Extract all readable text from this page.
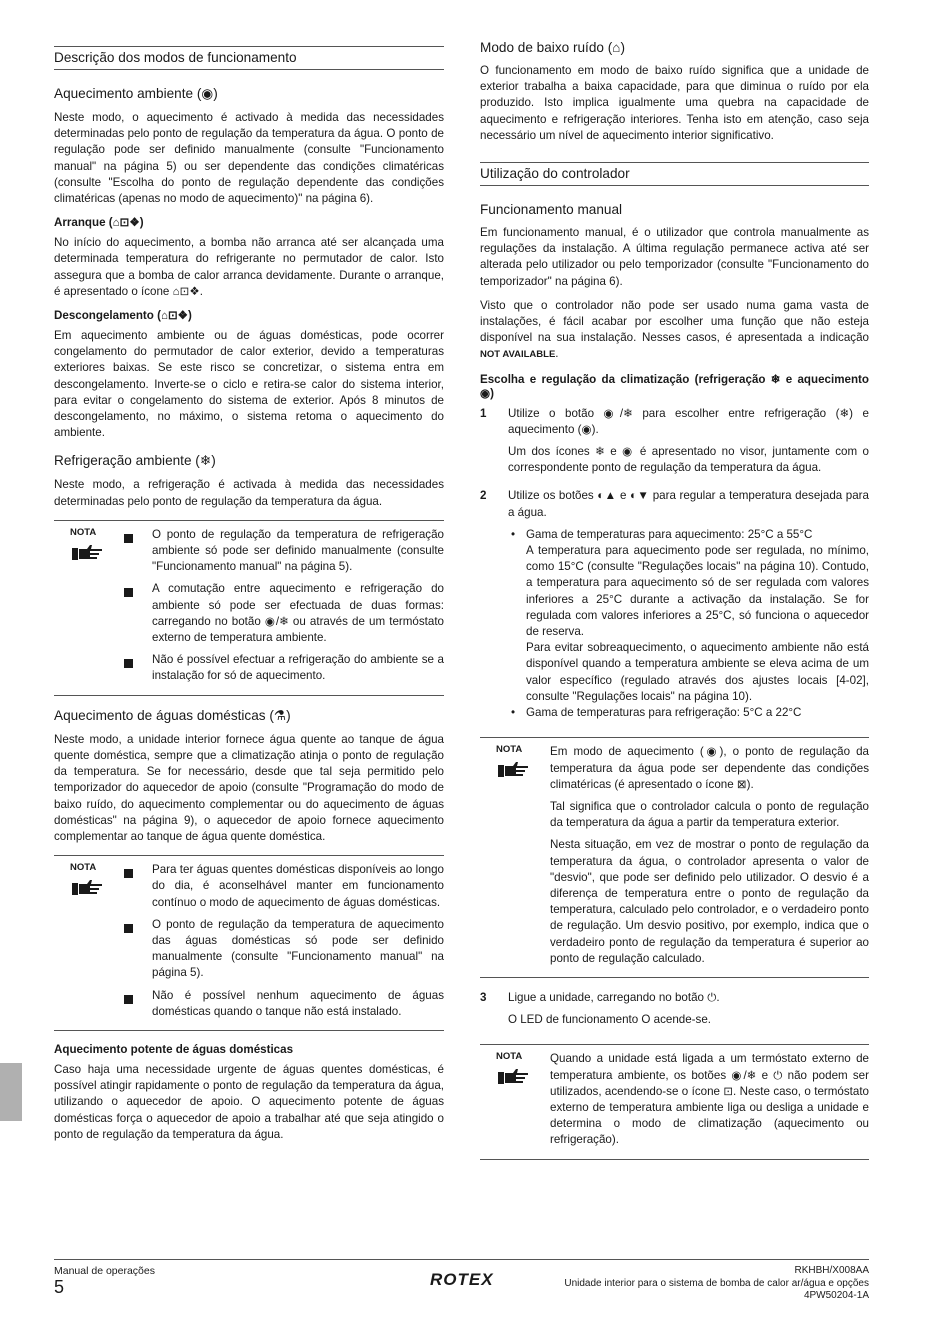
Descrição dos modos de funcionamento
Aquecimento ambiente (◉)

Neste modo, o aquecimento é activado à medida das necessidades determinadas pelo ponto de regulação da temperatura da água. O ponto de regulação pode ser definido manualmente (consulte "Funcionamento manual" na página 5) ou ser dependente das condições climatéricas (consulte "Escolha do ponto de regulação dependente das condições climatéricas (apenas no modo de aquecimento)" na página 6).

Arranque (⌂⊡❖)

No início do aquecimento, a bomba não arranca até ser alcançada uma determinada temperatura do refrigerante no permutador de calor. Isto assegura que a bomba de calor arranca devidamente. Durante o arranque, é apresentado o ícone ⌂⊡❖.

Descongelamento (⌂⊡❖)

Em aquecimento ambiente ou de águas domésticas, pode ocorrer congelamento do permutador de calor exterior, devido a temperaturas exteriores baixas. Se este risco se concretizar, o sistema entra em descongelamento. Inverte-se o ciclo e retira-se calor do sistema interior, para evitar o congelamento do sistema de exterior. Após 8 minutos de descongelamento, no máximo, o sistema retoma o aquecimento do ambiente.

Refrigeração ambiente (❄)

Neste modo, a refrigeração é activada à medida das necessidades determinadas pelo ponto de regulação da temperatura da água.

NOTA	O ponto de regulação da temperatura de refrigeração ambiente só pode ser definido manualmente (consulte "Funcionamento manual" na página 5).

A comutação entre aquecimento e refrigeração do ambiente só pode ser efectuada de duas formas: carregando no botão ◉/❄ ou através de um termóstato externo de temperatura ambiente.

Não é possível efectuar a refrigeração do ambiente se a instalação for só de aquecimento.

Aquecimento de águas domésticas (⚗)

Neste modo, a unidade interior fornece água quente ao tanque de água quente doméstica, sempre que a climatização atinja o ponto de regulação da temperatura. Se for necessário, desde que tal seja permitido pelo temporizador do aquecedor de apoio (consulte "Programação do modo de baixo ruído, do aquecimento complementar ou do aquecimento de águas domésticas" na página 9), o aquecedor de apoio fornece aquecimento complementar ao tanque de água quente doméstica.

NOTA	Para ter águas quentes domésticas disponíveis ao longo do dia, é aconselhável manter em funcionamento contínuo o modo de aquecimento de águas domésticas.

O ponto de regulação da temperatura de aquecimento das águas domésticas só pode ser definido manualmente (consulte "Funcionamento manual" na página 5).

Não é possível nenhum aquecimento de águas domésticas quando o tanque não está instalado.

Aquecimento potente de águas domésticas

Caso haja uma necessidade urgente de águas quentes domésticas, é possível atingir rapidamente o ponto de regulação da temperatura da água, utilizando o aquecedor de apoio. O aquecimento potente de águas domésticas força o aquecedor de apoio a trabalhar até que seja atingido o ponto de regulação da temperatura da água.

Modo de baixo ruído (⌂)

O funcionamento em modo de baixo ruído significa que a unidade de exterior trabalha a baixa capacidade, para que diminua o ruído por ela produzido. Isto implica igualmente uma quebra na capacidade de aquecimento e refrigeração interiores. Tenha isto em atenção, caso seja necessário um nível de aquecimento interior significativo.

Utilização do controlador
Funcionamento manual

Em funcionamento manual, é o utilizador que controla manualmente as regulações da instalação. A última regulação permanece activa até ser alterada pelo utilizador ou pelo temporizador (consulte "Funcionamento do temporizador" na página 6).

Visto que o controlador não pode ser usado numa gama vasta de instalações, é fácil acabar por escolher uma função que não esteja disponível na sua instalação. Nesses casos, é apresentada a indicação NOT AVAILABLE.

Escolha e regulação da climatização (refrigeração ❄ e aquecimento ◉)
1	Utilize o botão ◉/❄ para escolher entre refrigeração (❄) e aquecimento (◉).

Um dos ícones ❄ e ◉ é apresentado no visor, juntamente com o correspondente ponto de regulação da temperatura da água.

2	Utilize os botões ◐▲ e ◐▼ para regular a temperatura desejada para a água.

• Gama de temperaturas para aquecimento: 25°C a 55°C
A temperatura para aquecimento pode ser regulada, no mínimo, como 15°C (consulte "Regulações locais" na página 10). Contudo, a temperatura para aquecimento só de ser regulada com valores inferiores a 25°C durante a activação da instalação. Se for regulada com valores inferiores a 25°C, só funciona o aquecedor de reserva.
Para evitar sobreaquecimento, o aquecimento ambiente não está disponível quando a temperatura ambiente se eleva acima de um valor específico (regulado através dos ajustes locais [4-02], consulte "Regulações locais" na página 10).
• Gama de temperaturas para refrigeração: 5°C a 22°C
NOTA	Em modo de aquecimento (◉), o ponto de regulação da temperatura da água pode ser dependente das condições climatéricas (é apresentado o ícone ⊠).

Tal significa que o controlador calcula o ponto de regulação da temperatura da água a partir da temperatura exterior.

Nesta situação, em vez de mostrar o ponto de regulação da temperatura da água, o controlador apresenta o valor de "desvio", que pode ser definido pelo utilizador. O desvio é a diferença de temperatura entre o ponto de regulação da temperatura, calculado pelo controlador, e o verdadeiro ponto de regulação. Um desvio positivo, por exemplo, indica que o verdadeiro ponto de regulação da temperatura é superior ao ponto de regulação calculado.

3	Ligue a unidade, carregando no botão ⏻.

O LED de funcionamento O acende-se.

NOTA	Quando a unidade está ligada a um termóstato externo de temperatura ambiente, os botões ◉/❄ e ⏻ não podem ser utilizados, acendendo-se o ícone ⊡. Neste caso, o termóstato externo de temperatura ambiente liga ou desliga a unidade e determina o modo de climatização (aquecimento ou refrigeração).

Manual de operações
5	ROTEX	RKHBH/X008AA
Unidade interior para o sistema de bomba de calor ar/água e opções
4PW50204-1A
